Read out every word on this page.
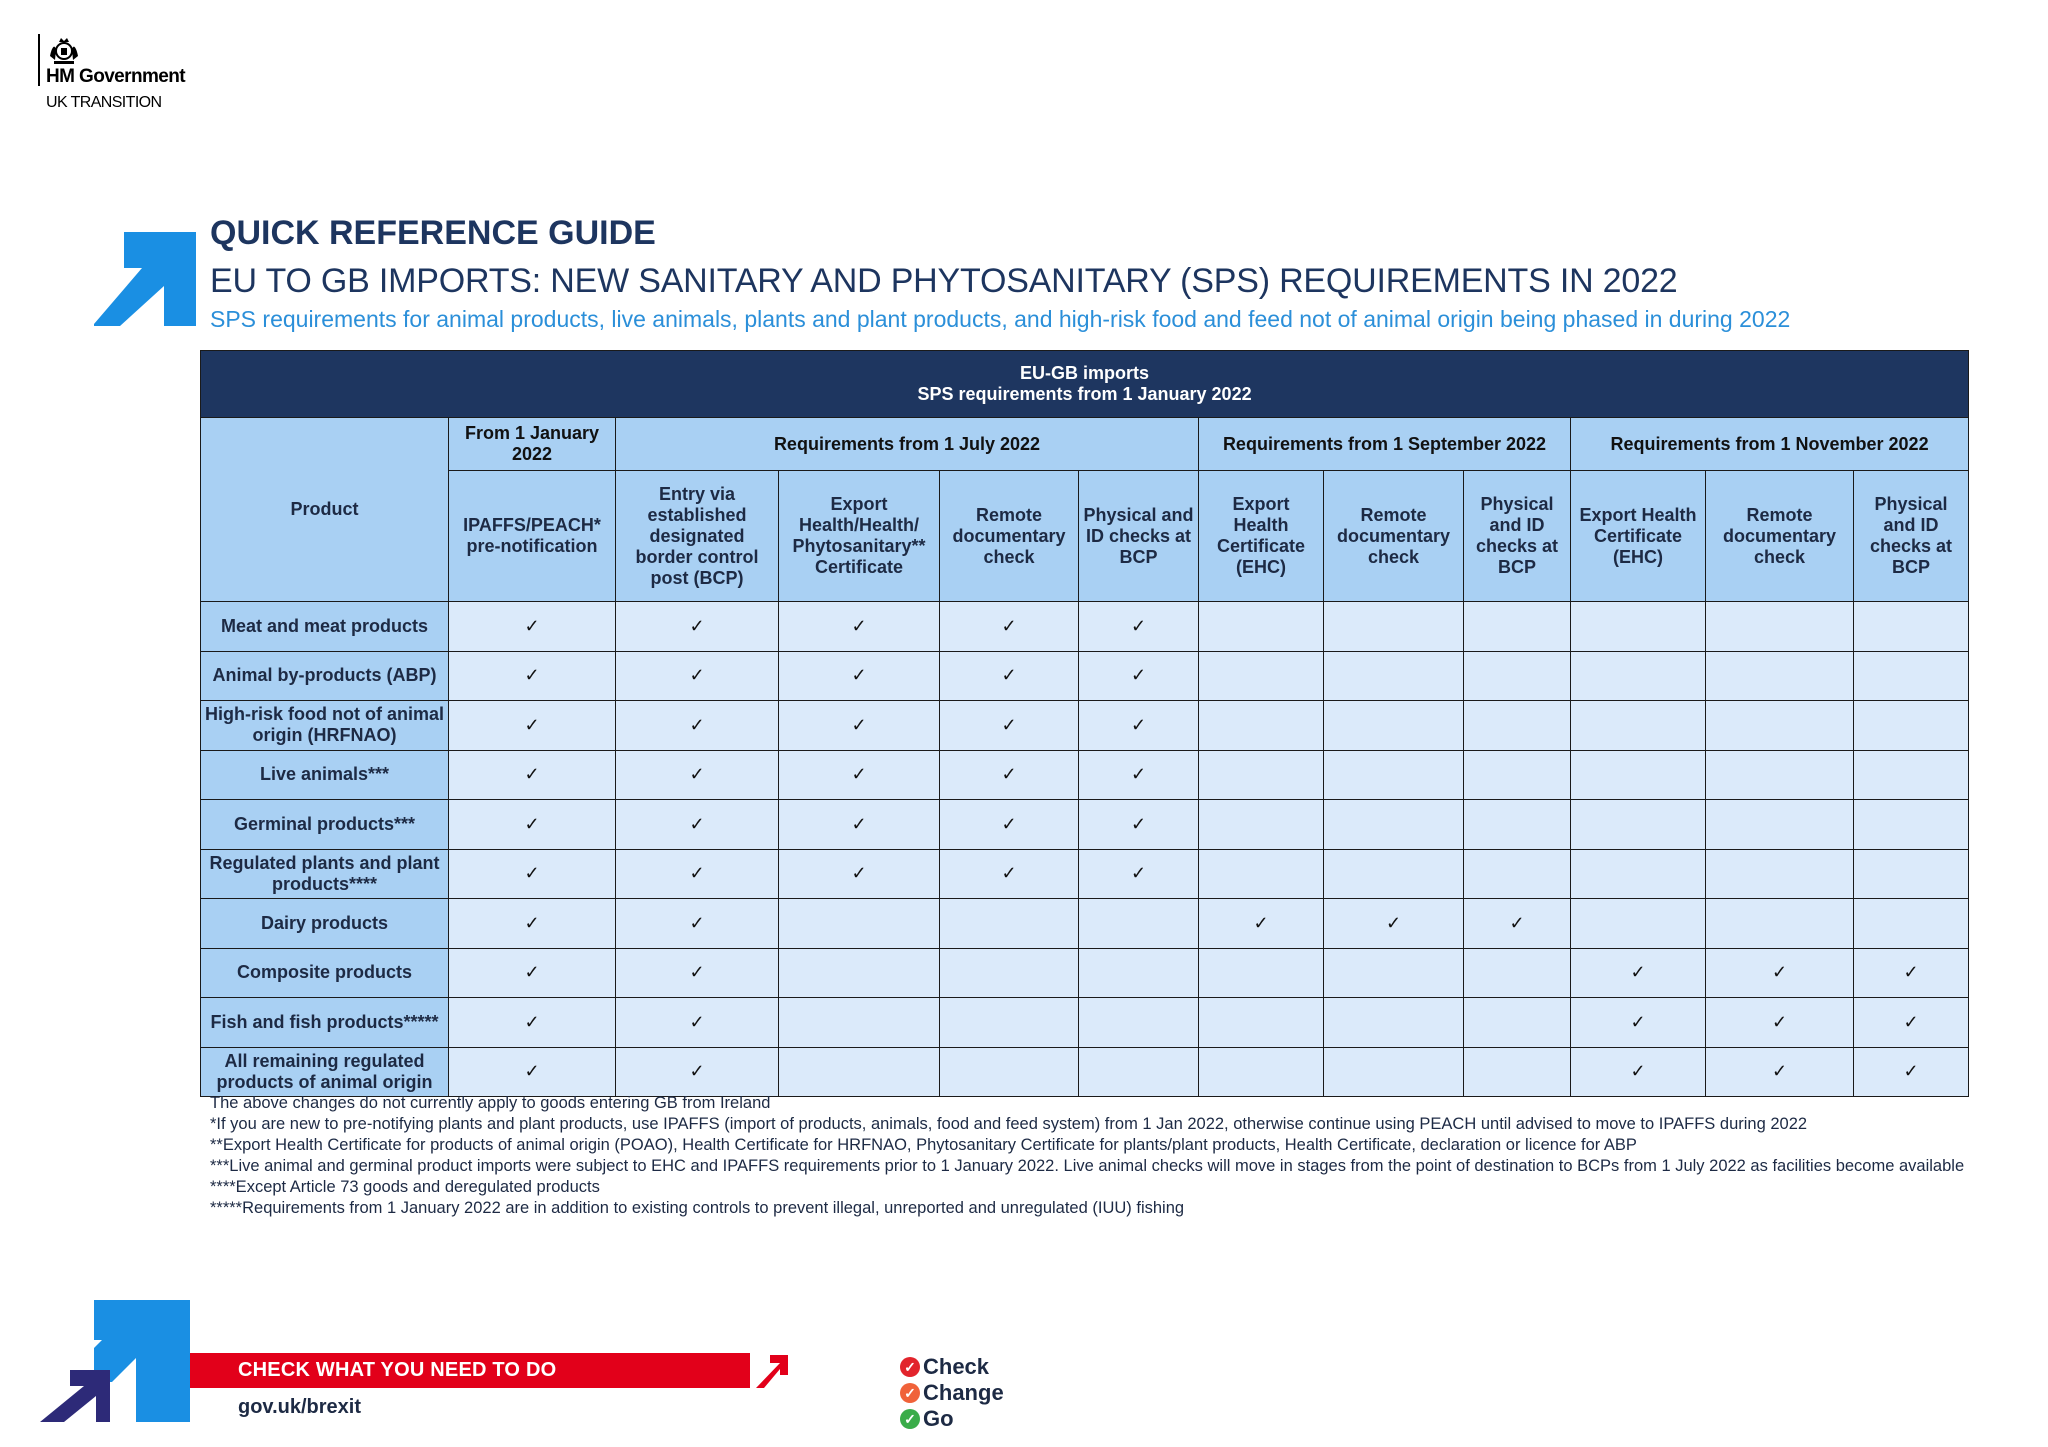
HM Government
UK TRANSITION
QUICK REFERENCE GUIDE
EU TO GB IMPORTS: NEW SANITARY AND PHYTOSANITARY (SPS) REQUIREMENTS IN 2022
SPS requirements for animal products, live animals, plants and plant products, and high-risk food and feed not of animal origin being phased in during 2022
EU-GB imports
SPS requirements from 1 January 2022											

Product	From 1 January 2022	Requirements from 1 July 2022				Requirements from 1 September 2022			Requirements from 1 November 2022		
	IPAFFS/PEACH* pre-notification	Entry via established designated border control post (BCP)	Export Health/Health/ Phytosanitary** Certificate	Remote documentary check	Physical and ID checks at BCP	Export Health Certificate (EHC)	Remote documentary check	Physical and ID checks at BCP	Export Health Certificate (EHC)	Remote documentary check	Physical and ID checks at BCP
Meat and meat products	✓	✓	✓	✓	✓						
Animal by-products (ABP)	✓	✓	✓	✓	✓						
High-risk food not of animal origin (HRFNAO)	✓	✓	✓	✓	✓						
Live animals***	✓	✓	✓	✓	✓						
Germinal products***	✓	✓	✓	✓	✓						
Regulated plants and plant products****	✓	✓	✓	✓	✓						
Dairy products	✓	✓				✓	✓	✓			
Composite products	✓	✓							✓	✓	✓
Fish and fish products*****	✓	✓							✓	✓	✓
All remaining regulated products of animal origin	✓	✓							✓	✓	✓

The above changes do not currently apply to goods entering GB from Ireland

*If you are new to pre-notifying plants and plant products, use IPAFFS (import of products, animals, food and feed system) from 1 Jan 2022, otherwise continue using PEACH until advised to move to IPAFFS during 2022

**Export Health Certificate for products of animal origin (POAO), Health Certificate for HRFNAO, Phytosanitary Certificate for plants/plant products, Health Certificate, declaration or licence for ABP

***Live animal and germinal product imports were subject to EHC and IPAFFS requirements prior to 1 January 2022. Live animal checks will move in stages from the point of destination to BCPs from 1 July 2022 as facilities become available

****Except Article 73 goods and deregulated products

*****Requirements from 1 January 2022 are in addition to existing controls to prevent illegal, unreported and unregulated (IUU) fishing

CHECK WHAT YOU NEED TO DO
gov.uk/brexit
✓ Check
✓ Change
✓ Go
